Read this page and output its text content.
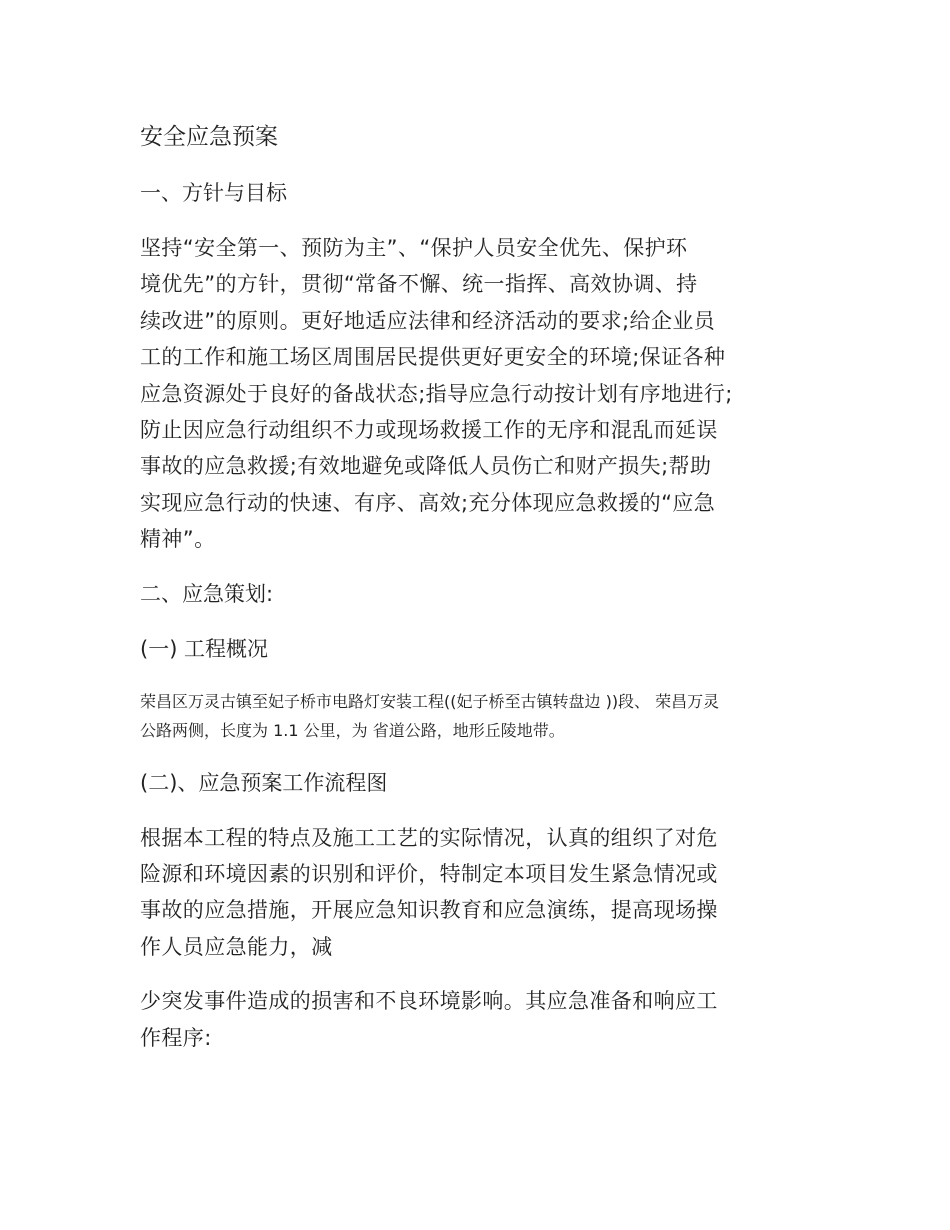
安全应急预案

一、方针与目标

坚持“安全第一、预防为主”、“保护人员安全优先、保护环
境优先”的方针，贯彻“常备不懈、统一指挥、高效协调、持
续改进”的原则。更好地适应法律和经济活动的要求;给企业员
工的工作和施工场区周围居民提供更好更安全的环境;保证各种
应急资源处于良好的备战状态;指导应急行动按计划有序地进行;
防止因应急行动组织不力或现场救援工作的无序和混乱而延误
事故的应急救援;有效地避免或降低人员伤亡和财产损失;帮助
实现应急行动的快速、有序、高效;充分体现应急救援的“应急
精神”。

二、应急策划:

(一) 工程概况

荣昌区万灵古镇至妃子桥市电路灯安装工程((妃子桥至古镇转盘边 ))段、 荣昌万灵
公路两侧，长度为 1.1 公里，为 省道公路，地形丘陵地带。

(二)、应急预案工作流程图

根据本工程的特点及施工工艺的实际情况，认真的组织了对危
险源和环境因素的识别和评价，特制定本项目发生紧急情况或
事故的应急措施，开展应急知识教育和应急演练，提高现场操
作人员应急能力，减
少突发事件造成的损害和不良环境影响。其应急准备和响应工
作程序:
